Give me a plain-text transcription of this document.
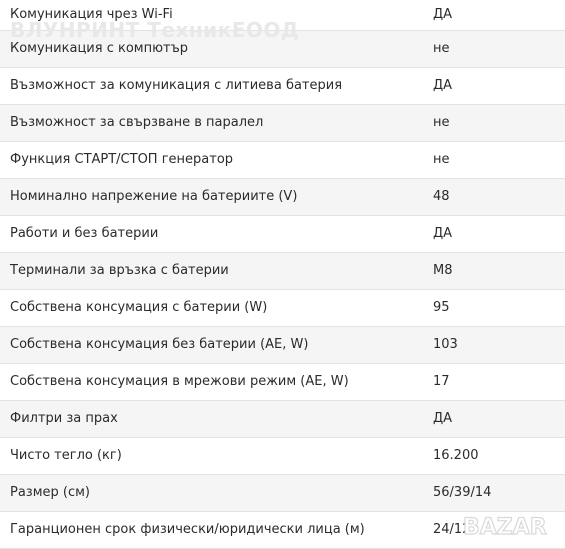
Комуникация чрез Wi-Fi	ДА
Комуникация с компютър	не
Възможност за комуникация с литиева батерия	ДА
Възможност за свързване в паралел	не
Функция СТАРТ/СТОП генератор	не
Номинално напрежение на батериите (V)	48
Работи и без батерии	ДА
Терминали за връзка с батерии	M8
Собствена консумация с батерии (W)	95
Собствена консумация без батерии (AE, W)	103
Собствена консумация в мрежови режим (AE, W)	17
Филтри за прах	ДА
Чисто тегло (кг)	16.200
Размер (см)	56/39/14
Гаранционен срок физически/юридически лица (м)	24/12
ВЛУНРИНТ ТехникЕООД
BAZAR
